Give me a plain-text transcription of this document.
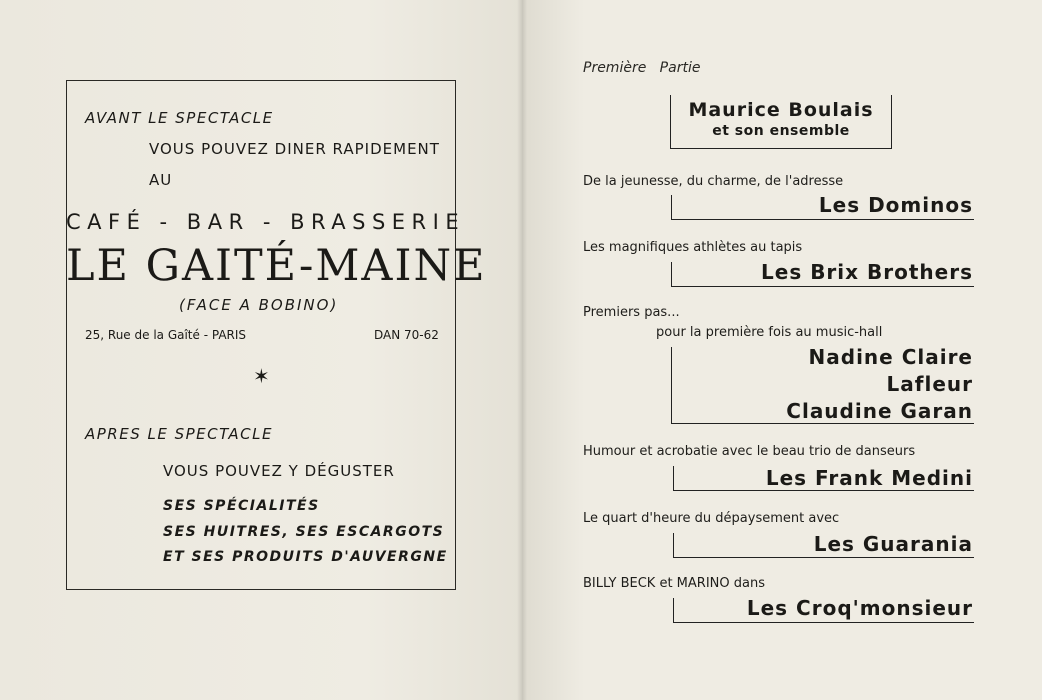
AVANT LE SPECTACLE
VOUS POUVEZ DINER RAPIDEMENT
AU
CAFÉ - BAR - BRASSERIE
LE GAITÉ-MAINE
(FACE A BOBINO)
25, Rue de la Gaîté - PARIS	DAN 70-62
✶
APRES LE SPECTACLE
VOUS POUVEZ Y DÉGUSTER
SES SPÉCIALITÉS
SES HUITRES, SES ESCARGOTS
ET SES PRODUITS D'AUVERGNE
Première   Partie
Maurice Boulais
et son ensemble
De la jeunesse, du charme, de l'adresse
Les Dominos
Les magnifiques athlètes au tapis
Les Brix Brothers
Premiers pas...
pour la première fois au music-hall
Nadine Claire
Lafleur
Claudine Garan
Humour et acrobatie avec le beau trio de danseurs
Les Frank Medini
Le quart d'heure du dépaysement avec
Les Guarania
BILLY BECK et MARINO dans
Les Croq'monsieur
